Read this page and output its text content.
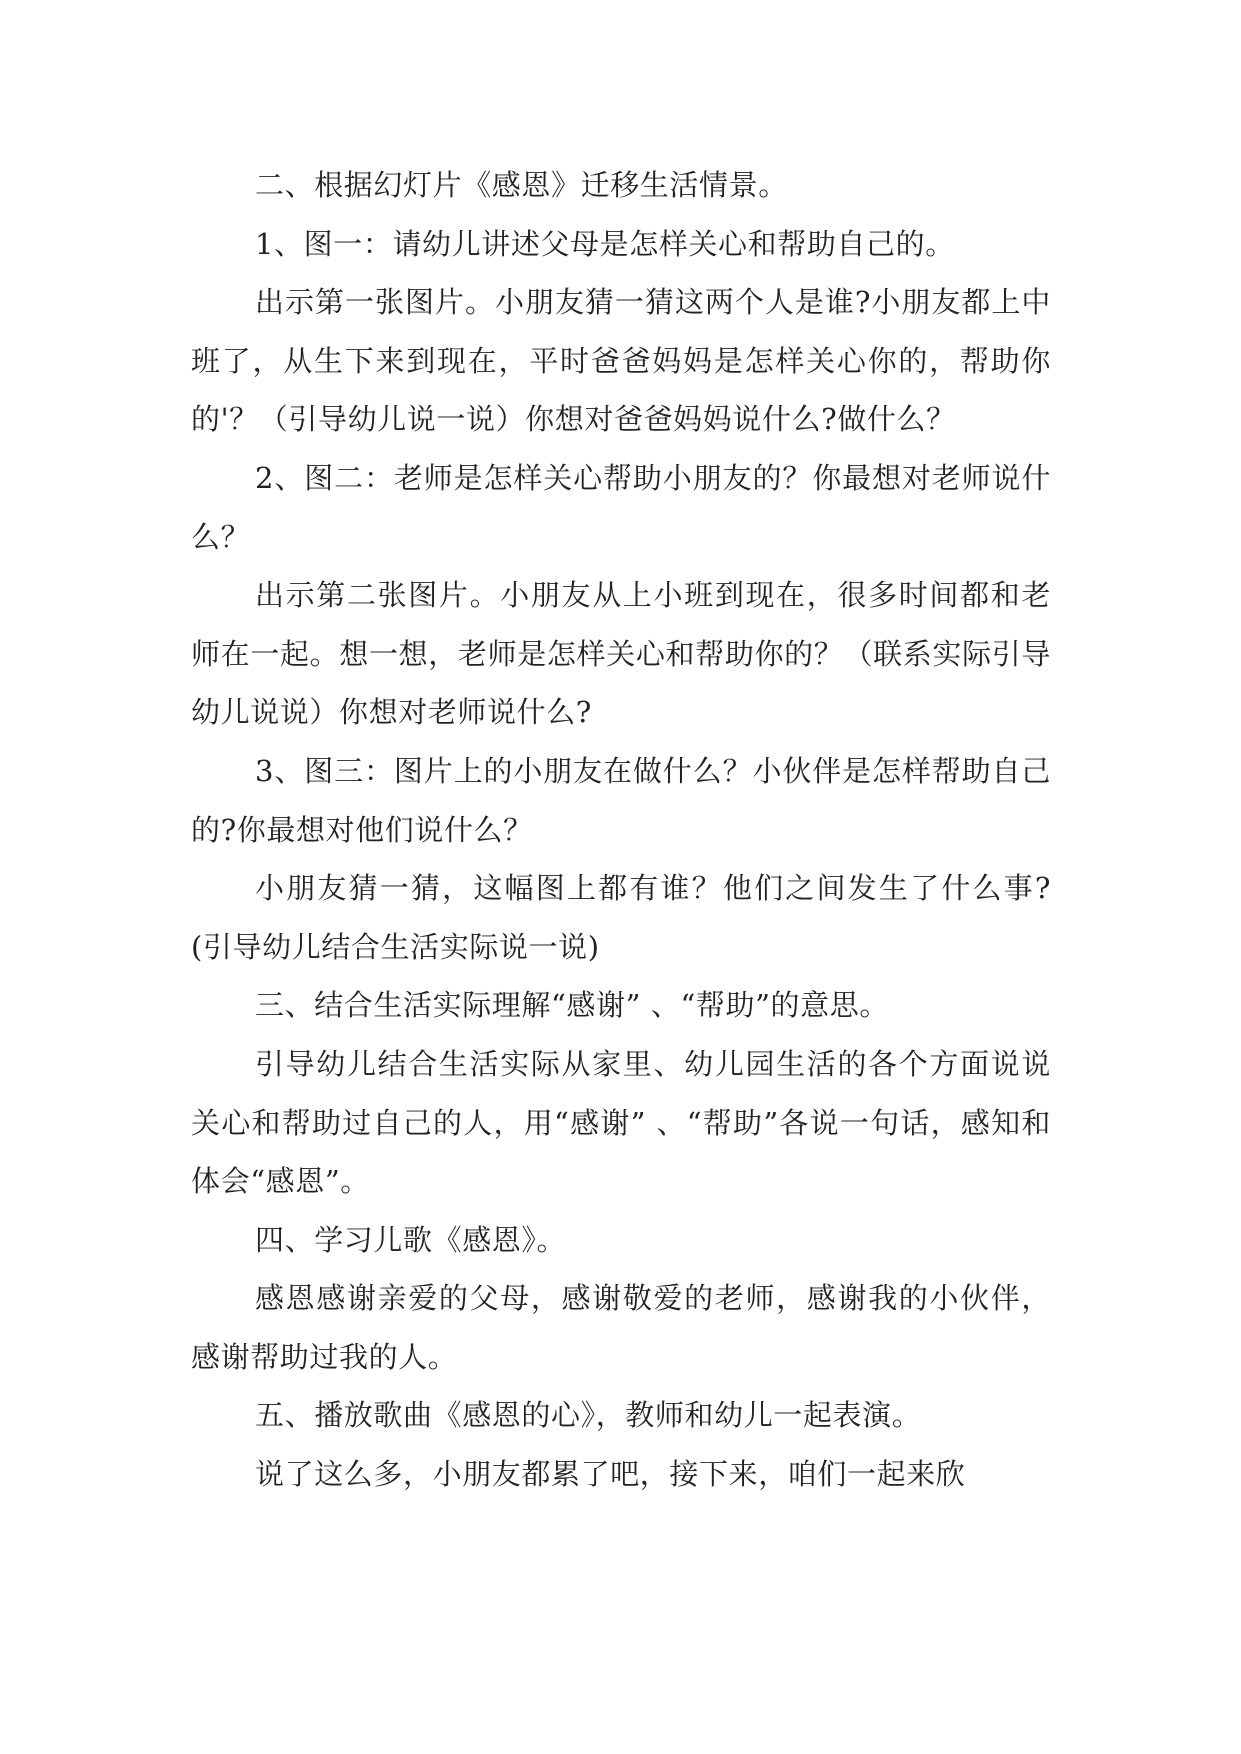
二、根据幻灯片《感恩》迁移生活情景。

1、图一：请幼儿讲述父母是怎样关心和帮助自己的。

出示第一张图片。小朋友猜一猜这两个人是谁?小朋友都上中班了，从生下来到现在，平时爸爸妈妈是怎样关心你的，帮助你的'？（引导幼儿说一说）你想对爸爸妈妈说什么?做什么？

2、图二：老师是怎样关心帮助小朋友的？你最想对老师说什么？

出示第二张图片。小朋友从上小班到现在，很多时间都和老师在一起。想一想，老师是怎样关心和帮助你的？（联系实际引导幼儿说说）你想对老师说什么?

3、图三：图片上的小朋友在做什么？小伙伴是怎样帮助自己的?你最想对他们说什么？

小朋友猜一猜，这幅图上都有谁？他们之间发生了什么事?(引导幼儿结合生活实际说一说)

三、结合生活实际理解“感谢” 、“帮助”的意思。

引导幼儿结合生活实际从家里、幼儿园生活的各个方面说说关心和帮助过自己的人，用“感谢” 、“帮助”各说一句话，感知和体会“感恩”。

四、学习儿歌《感恩》。

感恩感谢亲爱的父母，感谢敬爱的老师，感谢我的小伙伴，感谢帮助过我的人。

五、播放歌曲《感恩的心》，教师和幼儿一起表演。

说了这么多，小朋友都累了吧，接下来，咱们一起来欣
